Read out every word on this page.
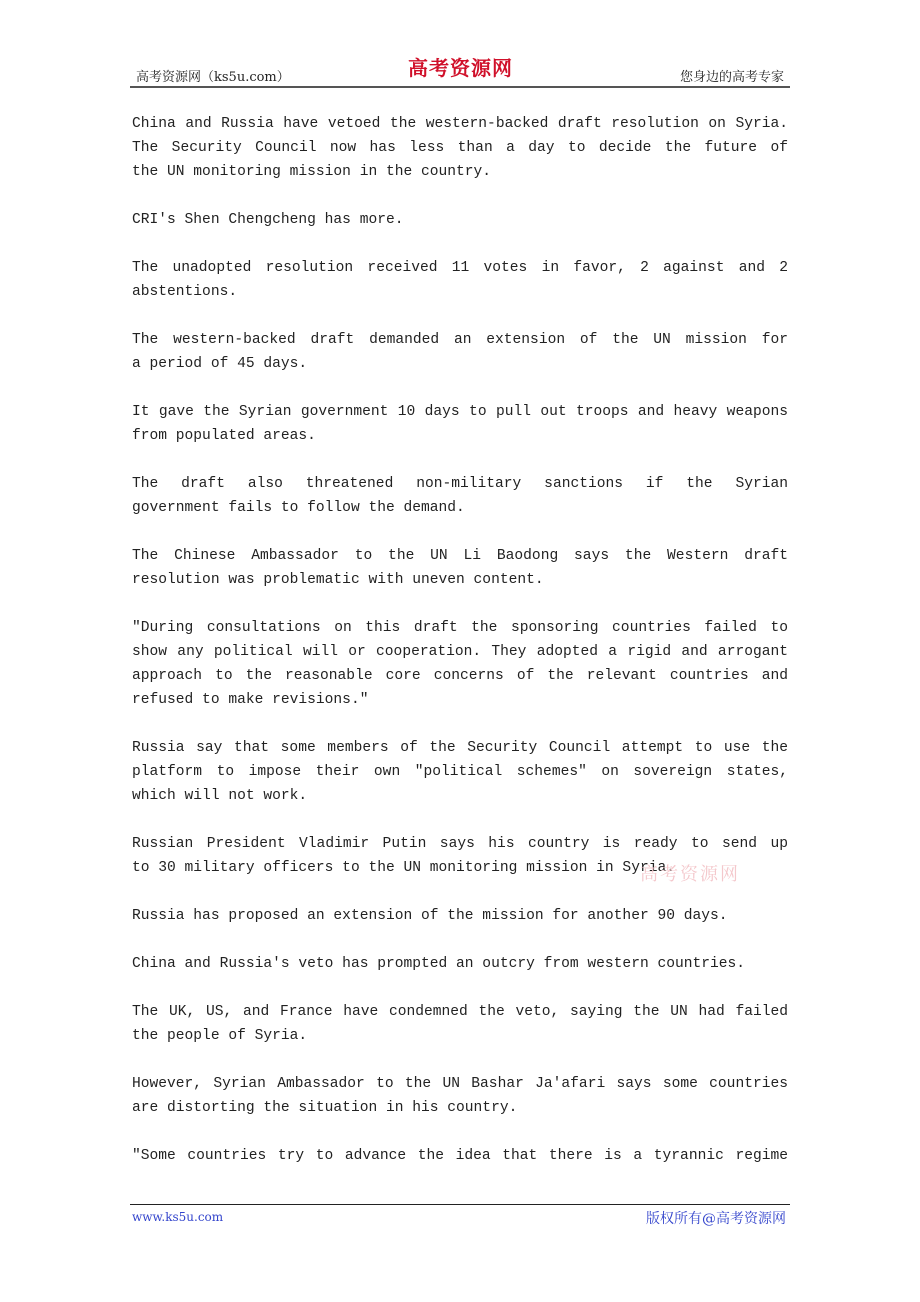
高考资源网（ks5u.com）	高考资源网	您身边的高考专家
China and Russia have vetoed the western-backed draft resolution on Syria.
The Security Council now has less than a day to decide the future of
the UN monitoring mission in the country.
CRI's Shen Chengcheng has more.
The unadopted resolution received 11 votes in favor, 2 against and 2
abstentions.
The western-backed draft demanded an extension of the UN mission for
a period of 45 days.
It gave the Syrian government 10 days to pull out troops and heavy weapons
from populated areas.
The draft also threatened non-military sanctions if the Syrian
government fails to follow the demand.
The Chinese Ambassador to the UN Li Baodong says the Western draft
resolution was problematic with uneven content.
"During consultations on this draft the sponsoring countries failed to
show any political will or cooperation. They adopted a rigid and arrogant
approach to the reasonable core concerns of the relevant countries and
refused to make revisions."
Russia say that some members of the Security Council attempt to use the
platform to impose their own "political schemes" on sovereign states,
which will not work.
Russian President Vladimir Putin says his country is ready to send up
to 30 military officers to the UN monitoring mission in Syria.
Russia has proposed an extension of the mission for another 90 days.
China and Russia's veto has prompted an outcry from western countries.
The UK, US, and France have condemned the veto, saying the UN had failed
the people of Syria.
However, Syrian Ambassador to the UN Bashar Ja'afari says some countries
are distorting the situation in his country.
"Some countries try to advance the idea that there is a tyrannic regime
高考资源网
www.ks5u.com	版权所有@高考资源网
